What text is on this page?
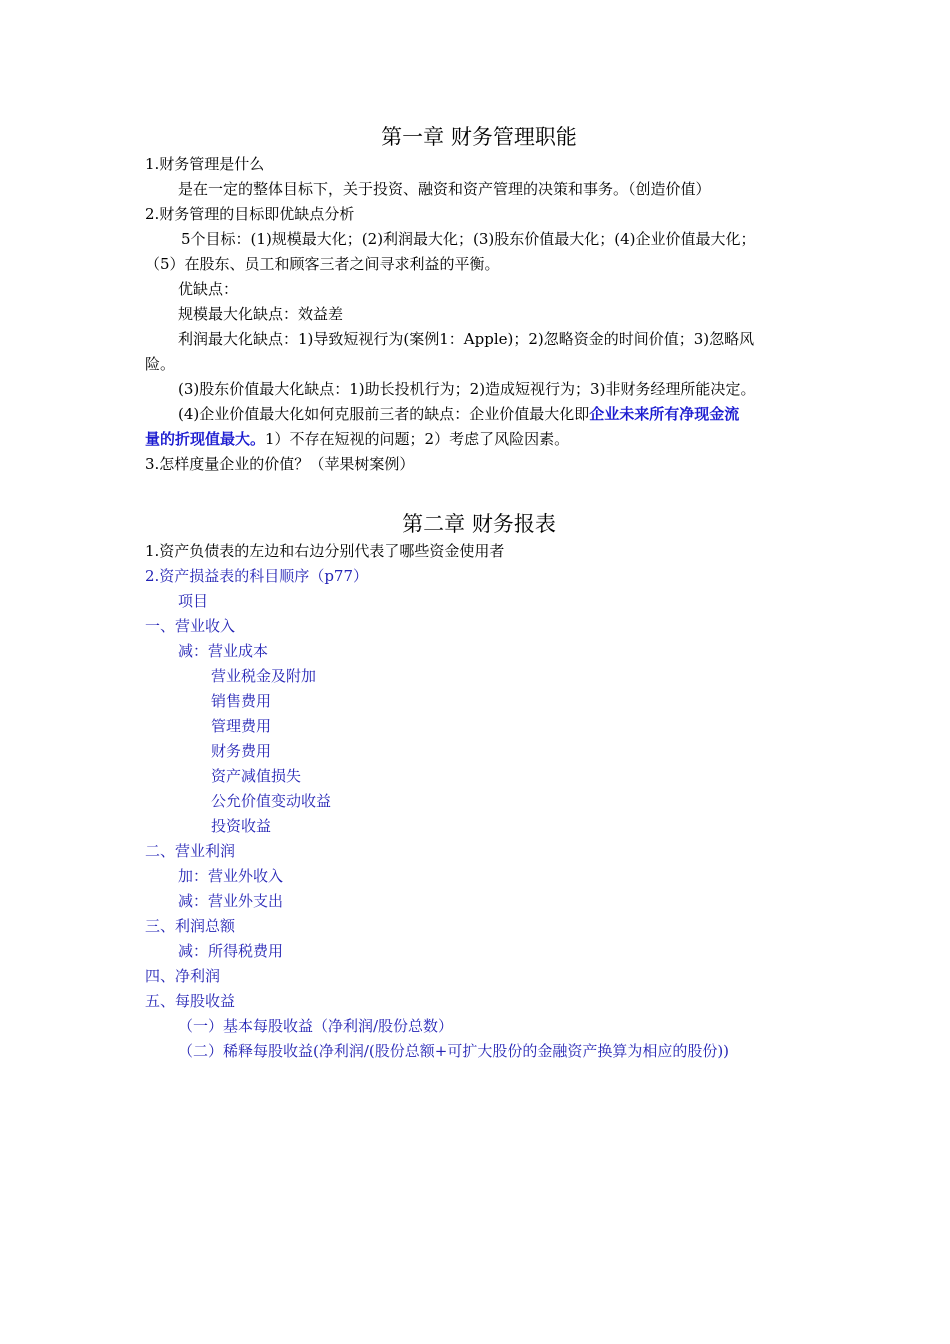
第一章 财务管理职能
1.财务管理是什么
是在一定的整体目标下，关于投资、融资和资产管理的决策和事务。（创造价值）
2.财务管理的目标即优缺点分析
5个目标：(1)规模最大化；(2)利润最大化；(3)股东价值最大化；(4)企业价值最大化；
（5）在股东、员工和顾客三者之间寻求利益的平衡。
优缺点：
规模最大化缺点：效益差
利润最大化缺点：1)导致短视行为(案例1：Apple)；2)忽略资金的时间价值；3)忽略风
险。
(3)股东价值最大化缺点：1)助长投机行为；2)造成短视行为；3)非财务经理所能决定。
(4)企业价值最大化如何克服前三者的缺点：企业价值最大化即企业未来所有净现金流
量的折现值最大。1）不存在短视的问题；2）考虑了风险因素。
3.怎样度量企业的价值？（苹果树案例）
第二章 财务报表
1.资产负债表的左边和右边分别代表了哪些资金使用者
2.资产损益表的科目顺序（p77）
项目
一、营业收入
减：营业成本
营业税金及附加
销售费用
管理费用
财务费用
资产减值损失
公允价值变动收益
投资收益
二、营业利润
加：营业外收入
减：营业外支出
三、利润总额
减：所得税费用
四、净利润
五、每股收益
（一）基本每股收益（净利润/股份总数）
（二）稀释每股收益(净利润/(股份总额+可扩大股份的金融资产换算为相应的股份))
